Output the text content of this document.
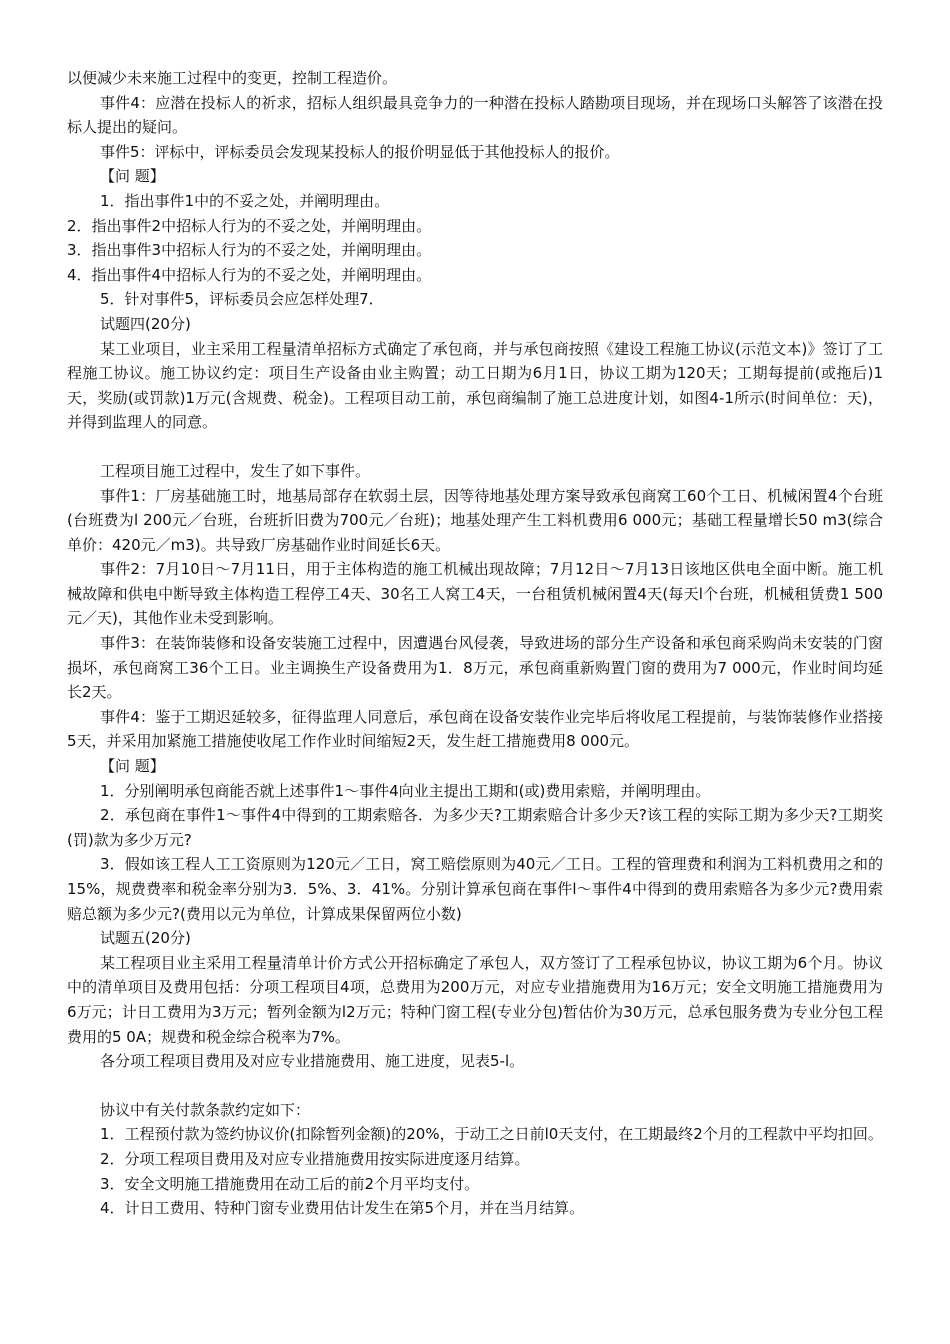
以便减少未来施工过程中的变更，控制工程造价。

事件4：应潜在投标人的祈求，招标人组织最具竞争力的一种潜在投标人踏勘项目现场，并在现场口头解答了该潜在投标人提出的疑问。

事件5：评标中，评标委员会发现某投标人的报价明显低于其他投标人的报价。

【问 题】

1．指出事件1中的不妥之处，并阐明理由。

2．指出事件2中招标人行为的不妥之处，并阐明理由。

3．指出事件3中招标人行为的不妥之处，并阐明理由。

4．指出事件4中招标人行为的不妥之处，并阐明理由。

5．针对事件5，评标委员会应怎样处理7．

试题四(20分)

某工业项目，业主采用工程量清单招标方式确定了承包商，并与承包商按照《建设工程施工协议(示范文本)》签订了工程施工协议。施工协议约定：项目生产设备由业主购置；动工日期为6月1日，协议工期为120天；工期每提前(或拖后)1天，奖励(或罚款)1万元(含规费、税金)。工程项目动工前，承包商编制了施工总进度计划，如图4-1所示(时间单位：天)，并得到监理人的同意。

工程项目施工过程中，发生了如下事件。

事件1：厂房基础施工时，地基局部存在软弱土层，因等待地基处理方案导致承包商窝工60个工日、机械闲置4个台班(台班费为l 200元／台班，台班折旧费为700元／台班)；地基处理产生工料机费用6 000元；基础工程量增长50 m3(综合单价：420元／m3)。共导致厂房基础作业时间延长6天。

事件2：7月10日～7月11日，用于主体构造的施工机械出现故障；7月12日～7月13日该地区供电全面中断。施工机械故障和供电中断导致主体构造工程停工4天、30名工人窝工4天，一台租赁机械闲置4天(每天l个台班，机械租赁费1 500元／天)，其他作业未受到影响。

事件3：在装饰装修和设备安装施工过程中，因遭遇台风侵袭，导致进场的部分生产设备和承包商采购尚未安装的门窗损坏，承包商窝工36个工日。业主调换生产设备费用为1．8万元，承包商重新购置门窗的费用为7 000元，作业时间均延长2天。

事件4：鉴于工期迟延较多，征得监理人同意后，承包商在设备安装作业完毕后将收尾工程提前，与装饰装修作业搭接5天，并采用加紧施工措施使收尾工作作业时间缩短2天，发生赶工措施费用8 000元。

【问 题】

1．分别阐明承包商能否就上述事件1～事件4向业主提出工期和(或)费用索赔，并阐明理由。

2．承包商在事件1～事件4中得到的工期索赔各．为多少天?工期索赔合计多少天?该工程的实际工期为多少天?工期奖(罚)款为多少万元?

3．假如该工程人工工资原则为120元／工日，窝工赔偿原则为40元／工日。工程的管理费和利润为工料机费用之和的15%，规费费率和税金率分别为3．5%、3．41%。分别计算承包商在事件l～事件4中得到的费用索赔各为多少元?费用索赔总额为多少元?(费用以元为单位，计算成果保留两位小数)

试题五(20分)

某工程项目业主采用工程量清单计价方式公开招标确定了承包人，双方签订了工程承包协议，协议工期为6个月。协议中的清单项目及费用包括：分项工程项目4项，总费用为200万元，对应专业措施费用为16万元；安全文明施工措施费用为6万元；计日工费用为3万元；暂列金额为l2万元；特种门窗工程(专业分包)暂估价为30万元，总承包服务费为专业分包工程费用的5 0A；规费和税金综合税率为7%。

各分项工程项目费用及对应专业措施费用、施工进度，见表5-l。

协议中有关付款条款约定如下：

1．工程预付款为签约协议价(扣除暂列金额)的20%，于动工之日前l0天支付，在工期最终2个月的工程款中平均扣回。

2．分项工程项目费用及对应专业措施费用按实际进度逐月结算。

3．安全文明施工措施费用在动工后的前2个月平均支付。

4．计日工费用、特种门窗专业费用估计发生在第5个月，并在当月结算。
